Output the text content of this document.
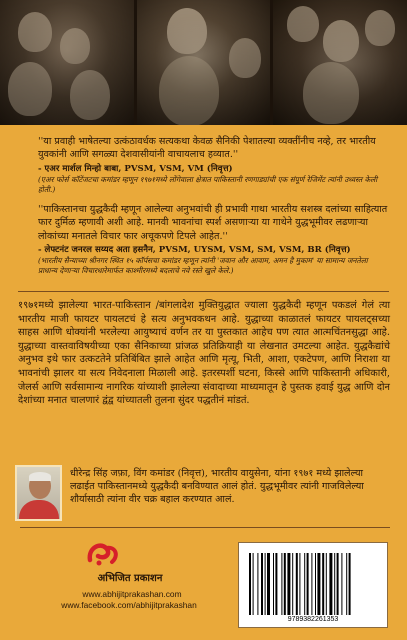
''या प्रवाही भाषेतल्या उत्कंठावर्धक सत्यकथा केवळ सैनिकी पेशातल्या व्यक्तींनीच नव्हे, तर भारतीय युवकांनी आणि सगळ्या देशवासीयांनी वाचायलाच हव्यात.''
- एअर मार्शल मिन्हो बाबा, PVSM, VSM, VM (निवृत्त)
(एअर फोर्स कॉटेंजटचा कमांडर म्हणून १९७१मध्ये लोंगेवाला क्षेत्रात पाकिस्तानी रणगाड्यांची एक संपूर्ण रेजिमेंट त्यांनी उध्वस्त केली होती.)
''पाकिस्तानचा युद्धकैदी म्हणून आलेल्या अनुभवांची ही प्रभावी गाथा भारतीय सशस्त्र दलांच्या साहित्यात फार दुर्मिळ म्हणावी अशी आहे. मानवी भावनांचा स्पर्श असणाऱ्या या गाथेने युद्धभूमीवर लढणाऱ्या लोकांच्या मनातले विचार फार अचूकपणे टिपले आहेत.''
- लेफ्टनंट जनरल सय्यद अता हसनैन, PVSM, UYSM, VSM, SM, VSM, BR (निवृत्त)
(भारतीय सैन्याच्या श्रीनगर स्थित १५ कॉर्पसचा कमांडर म्हणून त्यांनी 'जवान और आवाम, अमन है मुकाम' या सामान्य जनतेला प्राधान्य देणाऱ्या विचारधारेमार्फत काश्मीरमध्ये बदलाचे नवे रस्ते खुले केले.)
१९७१मध्ये झालेल्या भारत-पाकिस्तान /बांगलादेश मुक्तियुद्धात ज्याला युद्धकैदी म्हणून पकडलं गेलं त्या भारतीय माजी फायटर पायलटचं हे सत्य अनुभवकथन आहे. युद्धाच्या काळातलं फायटर पायलट्सच्या साहस आणि धोक्यांनी भरलेल्या आयुष्याचं वर्णन तर या पुस्तकात आहेच पण त्यात आत्मचिंतनसुद्धा आहे. युद्धाच्या वास्तवाविषयीच्या एका सैनिकाच्या प्रांजळ प्रतिक्रियाही या लेखनात उमटल्या आहेत. युद्धकैद्यांचे अनुभव इथे फार उत्कटतेने प्रतिबिंबित झाले आहेत आणि मृत्यू, भिती, आशा, एकटेपण, आणि निराशा या भावनांची झालर या सत्य निवेदनाला मिळाली आहे. इतरस्पर्शी घटना, किस्से आणि पाकिस्तानी अधिकारी, जेलर्स आणि सर्वसामान्य नागरिक यांच्याशी झालेल्या संवादाच्या माध्यमातून हे पुस्तक हवाई युद्ध आणि दोन देशांच्या मनात चालणारं द्वंद्व यांच्यातली तुलना सुंदर पद्धतीनं मांडतं.
धीरेन्द्र सिंह जफ़ा, विंग कमांडर (निवृत्त), भारतीय वायुसेना, यांना १९७१ मध्ये झालेल्या लढाईत पाकिस्तानमध्ये युद्धकैदी बनविण्यात आलं होतं. युद्धभूमीवर त्यांनी गाजविलेल्या शौर्यासाठी त्यांना वीर चक्र बहाल करण्यात आलं.
अभिजित प्रकाशन
www.abhijitprakashan.com
www.facebook.com/abhijitprakashan
9789382261353
